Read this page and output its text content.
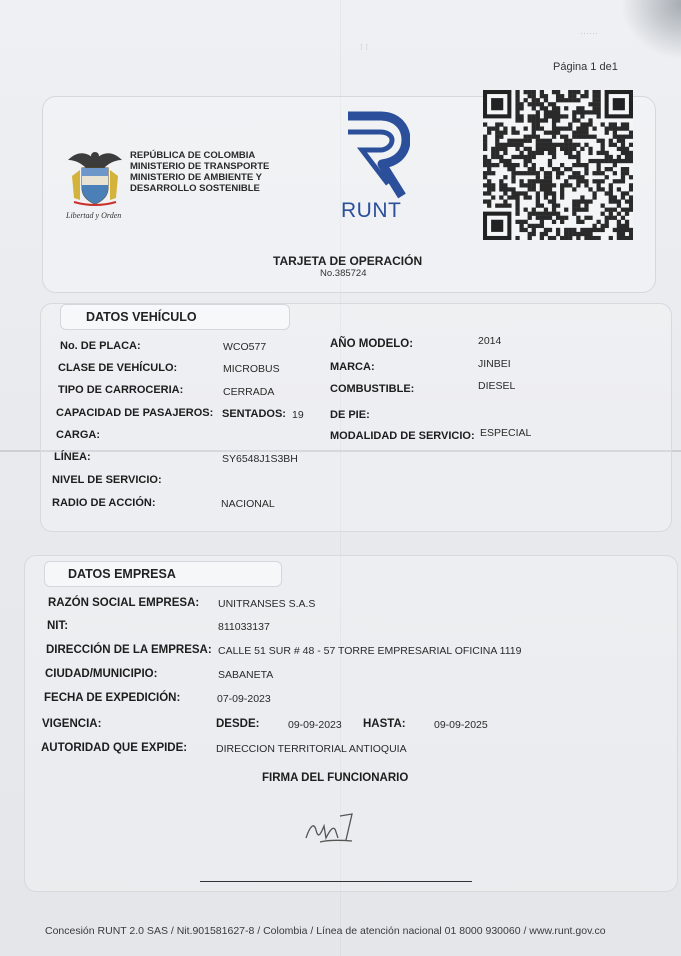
Página 1 de1
Libertad y Orden
REPÚBLICA DE COLOMBIA
MINISTERIO DE TRANSPORTE
MINISTERIO DE AMBIENTE Y
DESARROLLO SOSTENIBLE
RUNT
TARJETA DE OPERACIÓN
No.385724
⁝ ⁝
⋯⋯
DATOS VEHÍCULO
No. DE PLACA:	WCO577	AÑO MODELO:	2014
CLASE DE VEHÍCULO:	MICROBUS	MARCA:	JINBEI
TIPO DE CARROCERIA:	CERRADA	COMBUSTIBLE:	DIESEL
CAPACIDAD DE PASAJEROS: SENTADOS: 19 DE PIE:
CARGA:	MODALIDAD DE SERVICIO: ESPECIAL
LÍNEA:	SY6548J1S3BH
NIVEL DE SERVICIO:
RADIO DE ACCIÓN:	NACIONAL
DATOS EMPRESA
RAZÓN SOCIAL EMPRESA: UNITRANSES S.A.S
NIT:	811033137
DIRECCIÓN DE LA EMPRESA: CALLE 51 SUR # 48 - 57 TORRE EMPRESARIAL OFICINA 1119
CIUDAD/MUNICIPIO:	SABANETA
FECHA DE EXPEDICIÓN:	07-09-2023
VIGENCIA:	DESDE:	09-09-2023 HASTA:	09-09-2025
AUTORIDAD QUE EXPIDE:	DIRECCION TERRITORIAL ANTIOQUIA
FIRMA DEL FUNCIONARIO
Concesión RUNT 2.0 SAS / Nit.901581627-8 / Colombia / Línea de atención nacional 01 8000 930060 / www.runt.gov.co
